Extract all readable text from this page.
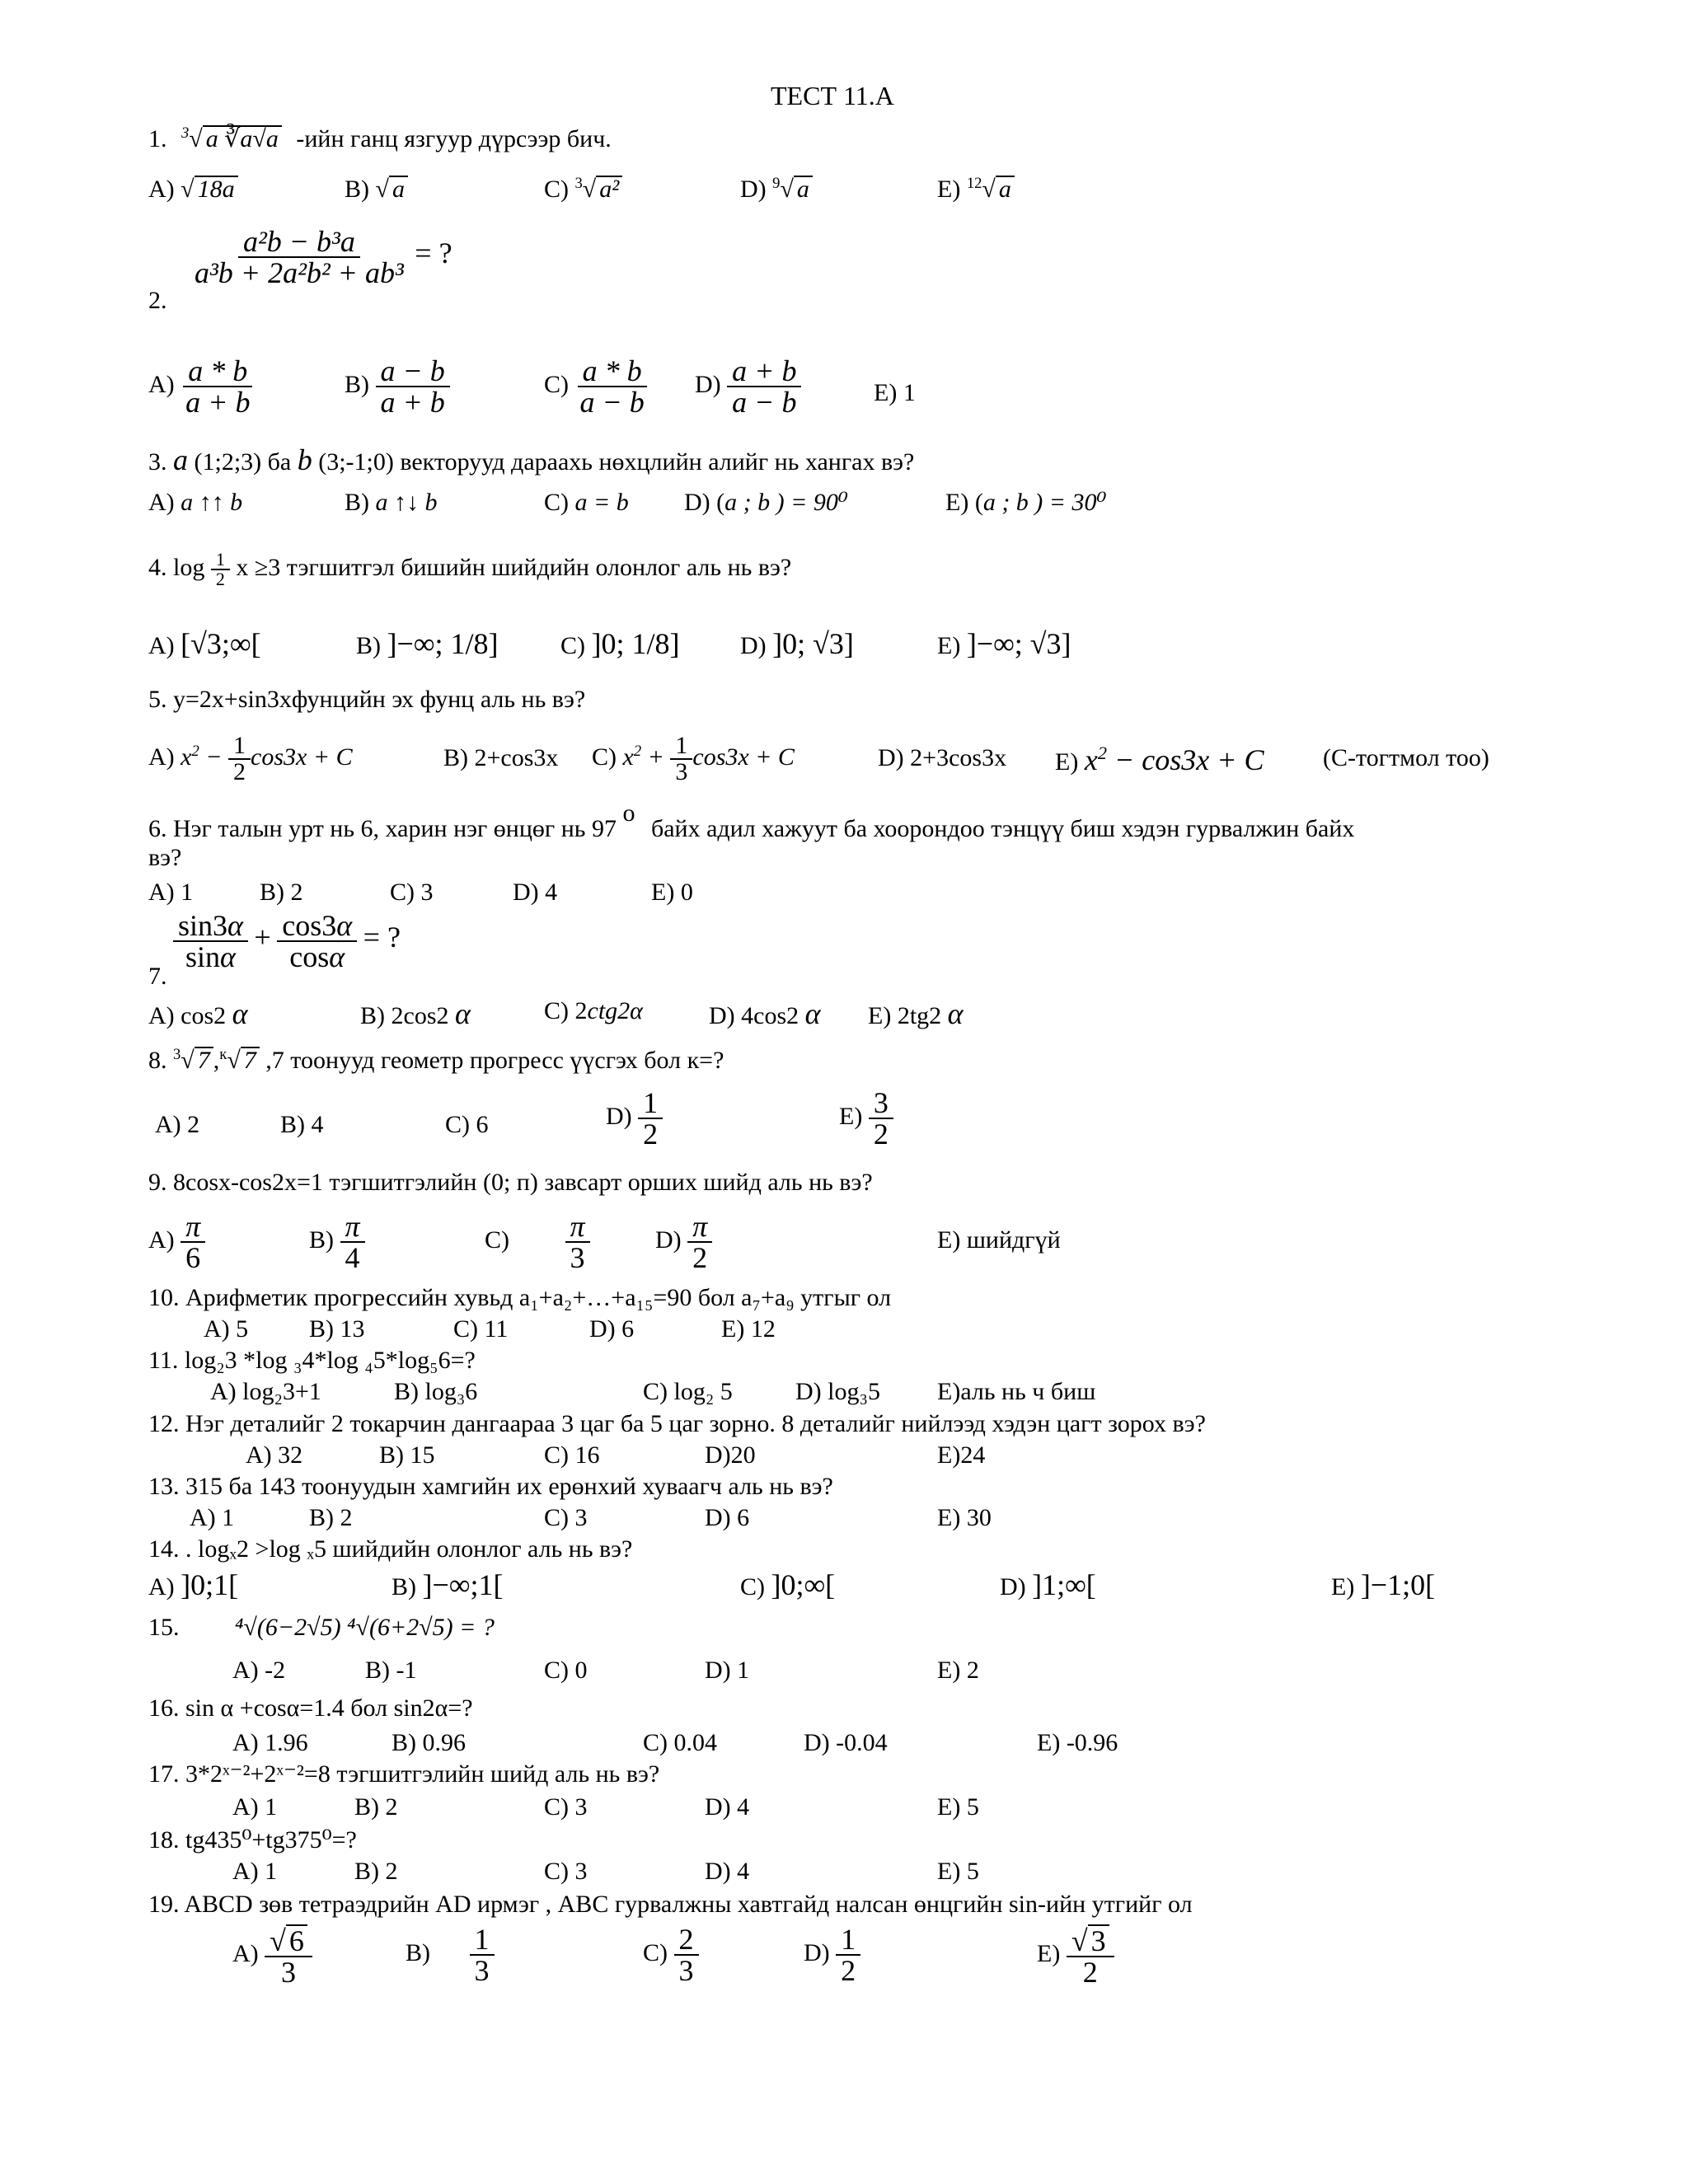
ТЕСТ 11.А
1. $^3$√ a ∛a√a -ийн ганц язгуур дүрсээр бич.
A) √ 18a	B) √ a	C) $^3$√ a²	D) $^9$√ a	E) $^{12}$√ a
2.
$\frac{\text{a²b − b³a}}{\text{a³b + 2a²b² + ab³}}$ = ?
$A) \frac{a * b}{a + b}$	$B) \frac{a - b}{a + b}$	$C) \frac{a * b}{a - b} D) \frac{a + b}{a - b}$	E) 1
3. a (1;2;3) ба b (3;-1;0) векторууд дараахь нөхцлийн алийг нь хангах вэ?
A) a ↑↑ b	B) a ↑↓ b	C) a = b D) (a ; b ) = 90⁰	E) (a ; b ) = 30⁰
4. $\log \frac{1}{2}$ x ≥3 тэгшитгэл бишийн шийдийн олонлог аль нь вэ?
A) [√3;∞[	B) ]−∞; 1/8]	C) ]0; 1/8] D) ]0; √3]	E) ]−∞; √3]
5. y=2x+sin3xфунцийн эх фунц аль нь вэ?
A) $x^2 - \frac{1}{2} \cos 3x + C$	B) 2+cos3x C) $x^2 + \frac{1}{3} \cos 3x + C$	D) 2+3cos3x E) $x^2 - \cos 3x + C$ (C-тогтмол тоо)
6. Нэг талын урт нь 6, харин нэг өнцөг нь 97 $^o$ байх адил хажуут ба хоорондоо тэнцүү биш хэдэн гурвалжин байх
вэ?
A) 1	B) 2	C) 3	D) 4	E) 0
7.
$\frac{\sin 3\alpha}{\sin\alpha} + \frac{\cos 3\alpha}{\cos\alpha}$ = ?
A) cos2 α	B) 2cos2 α	C) 2ctg2α	D) 4cos2 α E) 2tg2 α
8. $^3$√ 7 ,$^к$√ 7 ,7 тоонууд геометр прогресс үүсгэх бол к=?
A) 2	B) 4	C) 6	$D) \frac{1}{2}$	$E) \frac{3}{2}$
9. 8cosx-cos2x=1 тэгшитгэлийн (0; п) завсарт орших шийд аль нь вэ?
$A) \frac{\pi}{6}$	$B) \frac{\pi}{4}$	$C) \frac{\pi}{3}$	$D) \frac{\pi}{2}$	E) шийдгүй
10. Арифметик прогрессийн хувьд a₁+a₂+…+a₁₅=90 бол a₇+a₉ утгыг ол
A) 5 B) 13	C) 11	D) 6	E) 12
11. log₂3 *log ₃4*log ₄5*log₅6=?
A) log₂3+1	B) log₃6	C) log₂ 5	D) log₃5 E)аль нь ч биш
12. Нэг деталийг 2 токарчин дангаараа 3 цаг ба 5 цаг зорно. 8 деталийг нийлээд хэдэн цагт зорох вэ?
A) 32	B) 15	C) 16	D)20	E)24
13. 315 ба 143 тоонуудын хамгийн их ерөнхий хуваагч аль нь вэ?
A) 1	B) 2	C) 3	D) 6	E) 30
14. . logₓ2 >log ₓ5 шийдийн олонлог аль нь вэ?
A) ]0;1[	B) ]−∞;1[	C) ]0;∞[	D) ]1;∞[	E) ]−1;0[
15. ⁴√(6−2√5) ⁴√(6+2√5) = ?
A) -2	B) -1	C) 0	D) 1	E) 2
16. sin α +cosα=1.4 бол sin2α=?
A) 1.96	B) 0.96	C) 0.04	D) -0.04	E) -0.96
17. 3*2ˣ⁻²+2ˣ⁻²=8 тэгшитгэлийн шийд аль нь вэ?
A) 1	B) 2	C) 3	D) 4	E) 5
18. tg435⁰+tg375⁰=?
A) 1	B) 2	C) 3	D) 4	E) 5
19. ABCD зөв тетраэдрийн AD ирмэг , ABC гурвалжны хавтгайд налсан өнцгийн sin-ийн утгийг ол
$A) \frac{√ 6}{3}$	$B) \frac{1}{3}$	$C) \frac{2}{3}$	$D) \frac{1}{2}$	$E) \frac{√ 3}{2}$
